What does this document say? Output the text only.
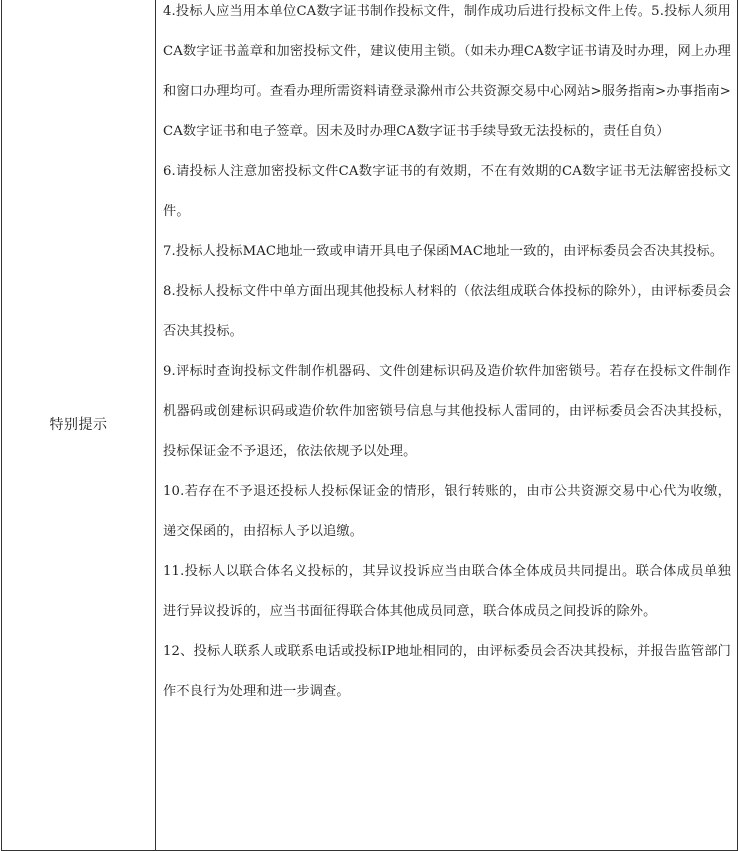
特别提示	

4.投标人应当用本单位CA数字证书制作投标文件，制作成功后进行投标文件上传。5.投标人须用CA数字证书盖章和加密投标文件，建议使用主锁。（如未办理CA数字证书请及时办理，网上办理和窗口办理均可。查看办理所需资料请登录滁州市公共资源交易中心网站>服务指南>办事指南>CA数字证书和电子签章。因未及时办理CA数字证书手续导致无法投标的，责任自负）

6.请投标人注意加密投标文件CA数字证书的有效期，不在有效期的CA数字证书无法解密投标文件。

7.投标人投标MAC地址一致或申请开具电子保函MAC地址一致的，由评标委员会否决其投标。

8.投标人投标文件中单方面出现其他投标人材料的（依法组成联合体投标的除外），由评标委员会否决其投标。

9.评标时查询投标文件制作机器码、文件创建标识码及造价软件加密锁号。若存在投标文件制作机器码或创建标识码或造价软件加密锁号信息与其他投标人雷同的，由评标委员会否决其投标，投标保证金不予退还，依法依规予以处理。

10.若存在不予退还投标人投标保证金的情形，银行转账的，由市公共资源交易中心代为收缴，递交保函的，由招标人予以追缴。

11.投标人以联合体名义投标的，其异议投诉应当由联合体全体成员共同提出。联合体成员单独进行异议投诉的，应当书面征得联合体其他成员同意，联合体成员之间投诉的除外。

12、投标人联系人或联系电话或投标IP地址相同的，由评标委员会否决其投标，并报告监管部门作不良行为处理和进一步调查。
